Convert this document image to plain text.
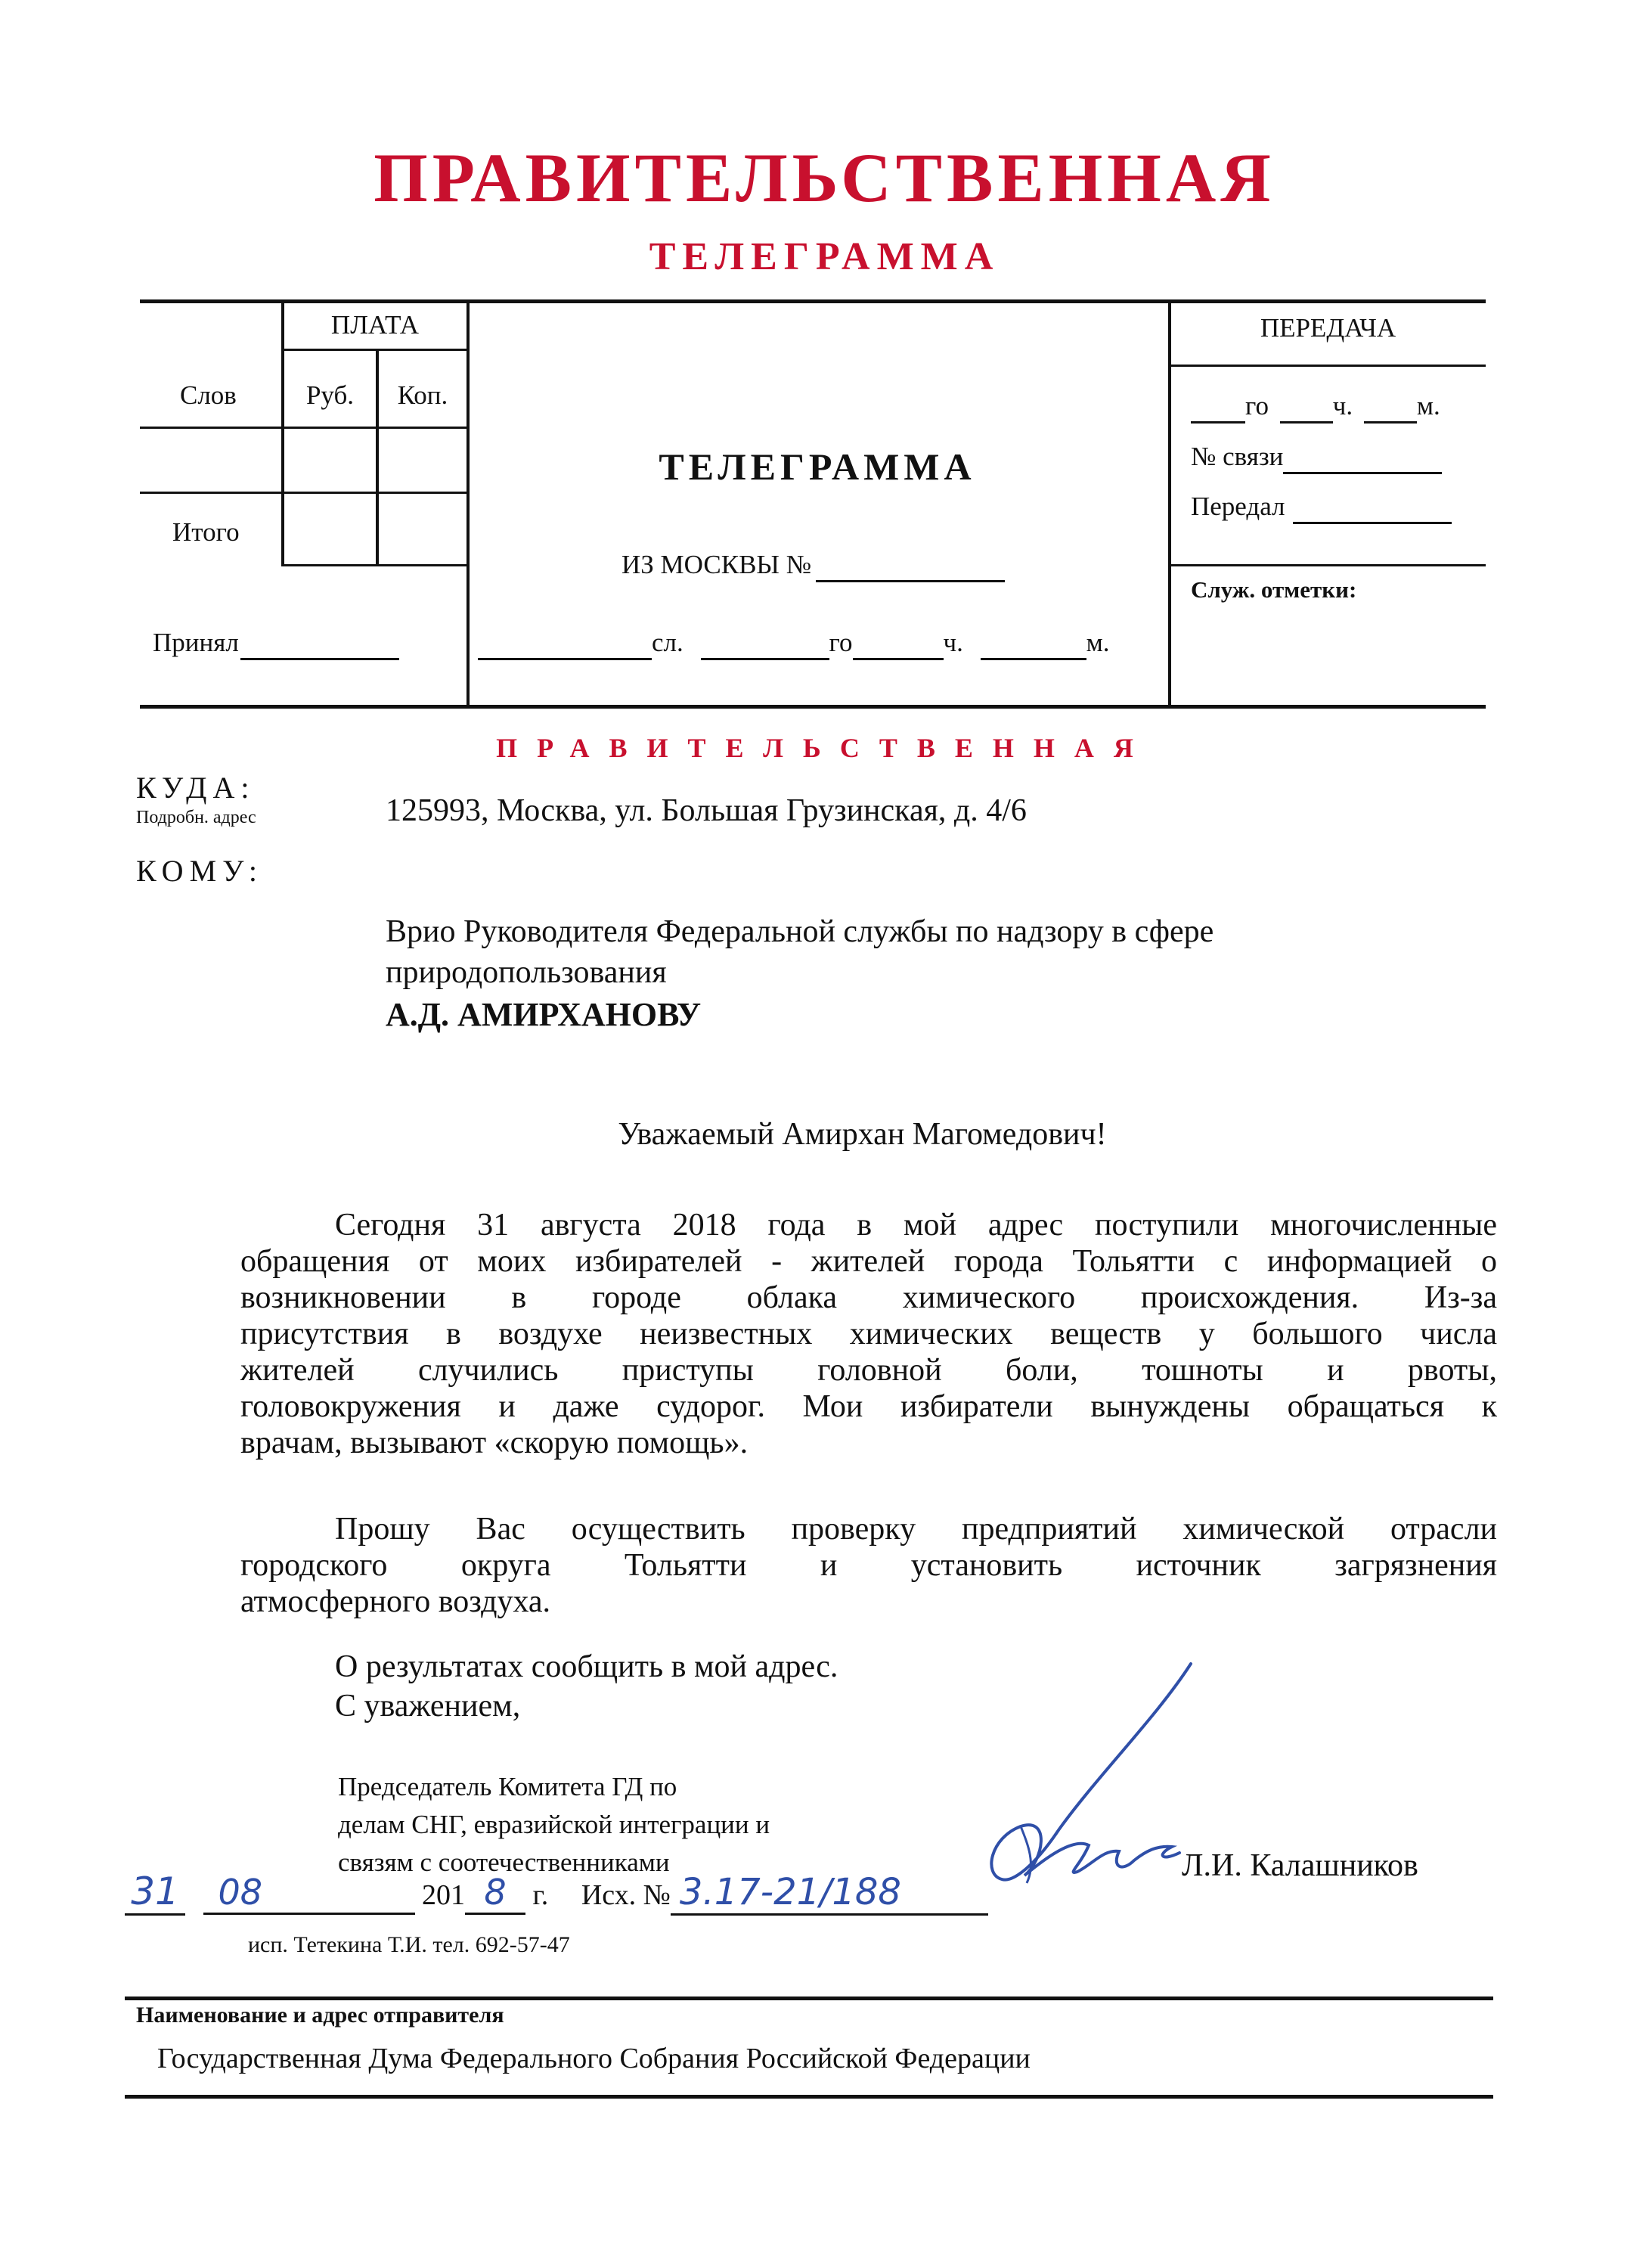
ПРАВИТЕЛЬСТВЕННАЯ
ТЕЛЕГРАММА
ПЛАТА
Слов	Руб.	Коп.
Итого
Принял
ТЕЛЕГРАММА
ИЗ МОСКВЫ №
сл.	го	ч.	м.
ПЕРЕДАЧА
го ч. м.
№ связи
Передал
Служ. отметки:
ПРАВИТЕЛЬСТВЕННАЯ
КУДА:
Подробн. адрес	125993, Москва, ул. Большая Грузинская, д. 4/6
КОМУ:
Врио Руководителя Федеральной службы по надзору в сфере
природопользования
А.Д. АМИРХАНОВУ
Уважаемый Амирхан Магомедович!
Сегодня 31 августа 2018 года в мой адрес поступили многочисленные
обращения от моих избирателей - жителей города Тольятти с информацией о
возникновении в городе облака химического происхождения. Из-за
присутствия в воздухе неизвестных химических веществ у большого числа
жителей случились приступы головной боли, тошноты и рвоты,
головокружения и даже судорог. Мои избиратели вынуждены обращаться к
врачам, вызывают «скорую помощь».
Прошу Вас осуществить проверку предприятий химической отрасли
городского округа Тольятти и установить источник загрязнения
атмосферного воздуха.
О результатах сообщить в мой адрес.
С уважением,
Председатель Комитета ГД по
делам СНГ, евразийской интеграции и
связям с соотечественниками	Л.И. Калашников
31 08	201 8 г. Исх. № 3.17-21/188
исп. Тетекина Т.И. тел. 692-57-47
Наименование и адрес отправителя
Государственная Дума Федерального Собрания Российской Федерации
